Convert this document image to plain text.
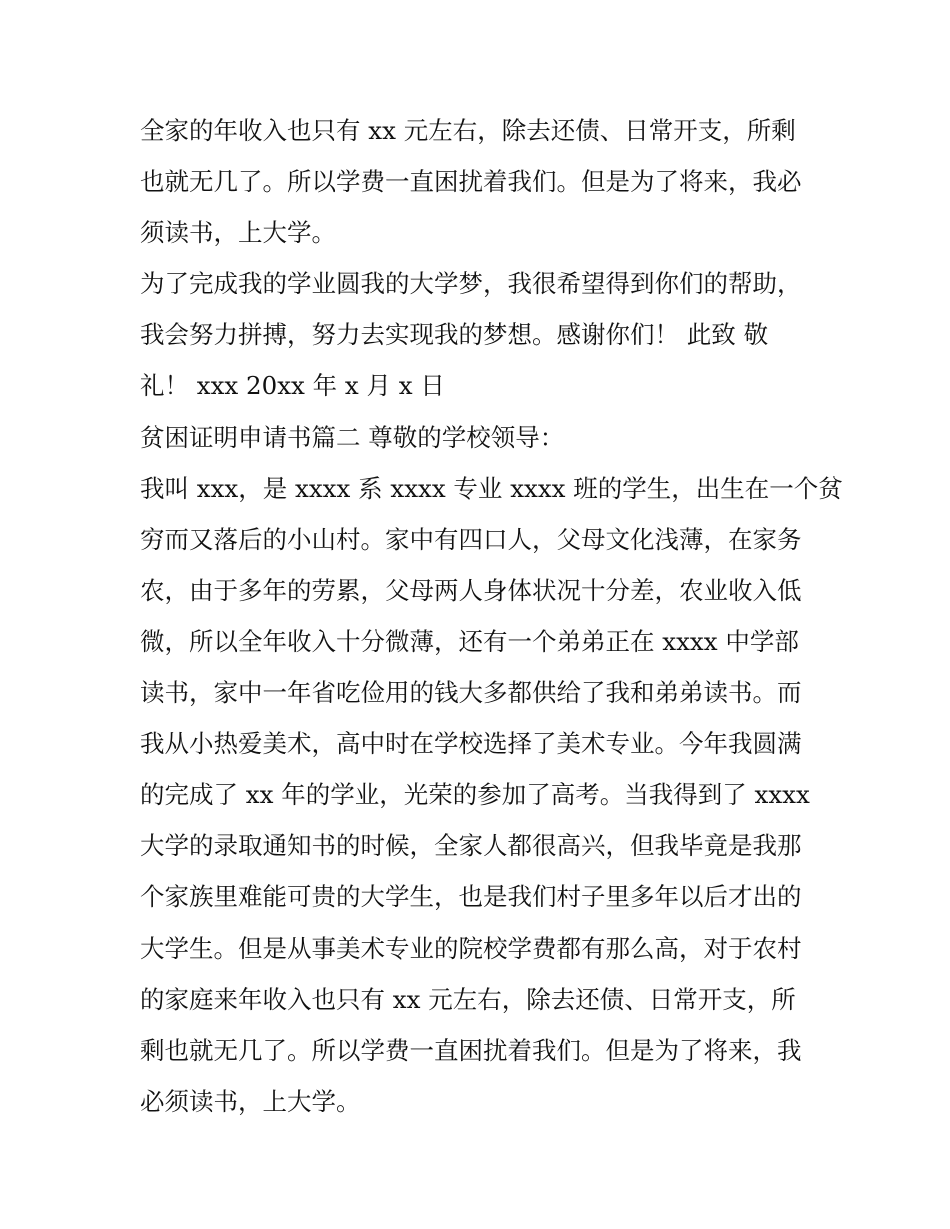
全家的年收入也只有 xx 元左右，除去还债、日常开支，所剩
也就无几了。所以学费一直困扰着我们。但是为了将来，我必
须读书，上大学。
为了完成我的学业圆我的大学梦，我很希望得到你们的帮助，
我会努力拼搏，努力去实现我的梦想。感谢你们！ 此致 敬
礼！ xxx 20xx 年 x 月 x 日
贫困证明申请书篇二 尊敬的学校领导：
我叫 xxx，是 xxxx 系 xxxx 专业 xxxx 班的学生，出生在一个贫
穷而又落后的小山村。家中有四口人，父母文化浅薄，在家务
农，由于多年的劳累，父母两人身体状况十分差，农业收入低
微，所以全年收入十分微薄，还有一个弟弟正在 xxxx 中学部
读书，家中一年省吃俭用的钱大多都供给了我和弟弟读书。而
我从小热爱美术，高中时在学校选择了美术专业。今年我圆满
的完成了 xx 年的学业，光荣的参加了高考。当我得到了 xxxx
大学的录取通知书的时候，全家人都很高兴，但我毕竟是我那
个家族里难能可贵的大学生，也是我们村子里多年以后才出的
大学生。但是从事美术专业的院校学费都有那么高，对于农村
的家庭来年收入也只有 xx 元左右，除去还债、日常开支，所
剩也就无几了。所以学费一直困扰着我们。但是为了将来，我
必须读书，上大学。
